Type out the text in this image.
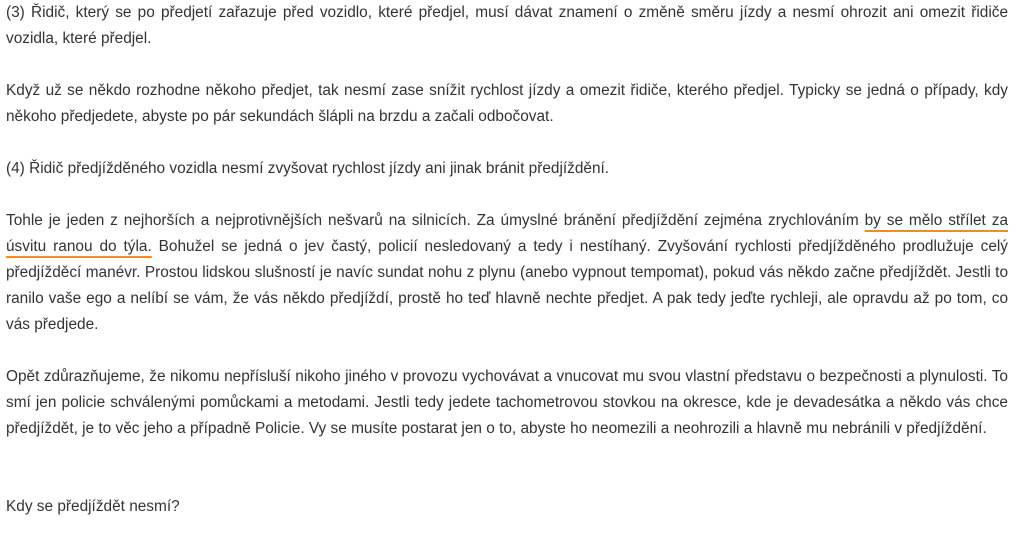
(3) Řidič, který se po předjetí zařazuje před vozidlo, které předjel, musí dávat znamení o změně směru jízdy a nesmí ohrozit ani omezit řidiče vozidla, které předjel.

Když už se někdo rozhodne někoho předjet, tak nesmí zase snížit rychlost jízdy a omezit řidiče, kterého předjel. Typicky se jedná o případy, kdy někoho předjedete, abyste po pár sekundách šlápli na brzdu a začali odbočovat.

(4) Řidič předjížděného vozidla nesmí zvyšovat rychlost jízdy ani jinak bránit předjíždění.

Tohle je jeden z nejhorších a nejprotivnějších nešvarů na silnicích. Za úmyslné bránění předjíždění zejména zrychlováním by se mělo střílet za úsvitu ranou do týla. Bohužel se jedná o jev častý, policií nesledovaný a tedy i nestíhaný. Zvyšování rychlosti předjížděného prodlužuje celý předjížděcí manévr. Prostou lidskou slušností je navíc sundat nohu z plynu (anebo vypnout tempomat), pokud vás někdo začne předjíždět. Jestli to ranilo vaše ego a nelíbí se vám, že vás někdo předjíždí, prostě ho teď hlavně nechte předjet. A pak tedy jeďte rychleji, ale opravdu až po tom, co vás předjede.

Opět zdůrazňujeme, že nikomu nepřísluší nikoho jiného v provozu vychovávat a vnucovat mu svou vlastní představu o bezpečnosti a plynulosti. To smí jen policie schválenými pomůckami a metodami. Jestli tedy jedete tachometrovou stovkou na okresce, kde je devadesátka a někdo vás chce předjíždět, je to věc jeho a případně Policie. Vy se musíte postarat jen o to, abyste ho neomezili a neohrozili a hlavně mu nebránili v předjíždění.

Kdy se předjíždět nesmí?
